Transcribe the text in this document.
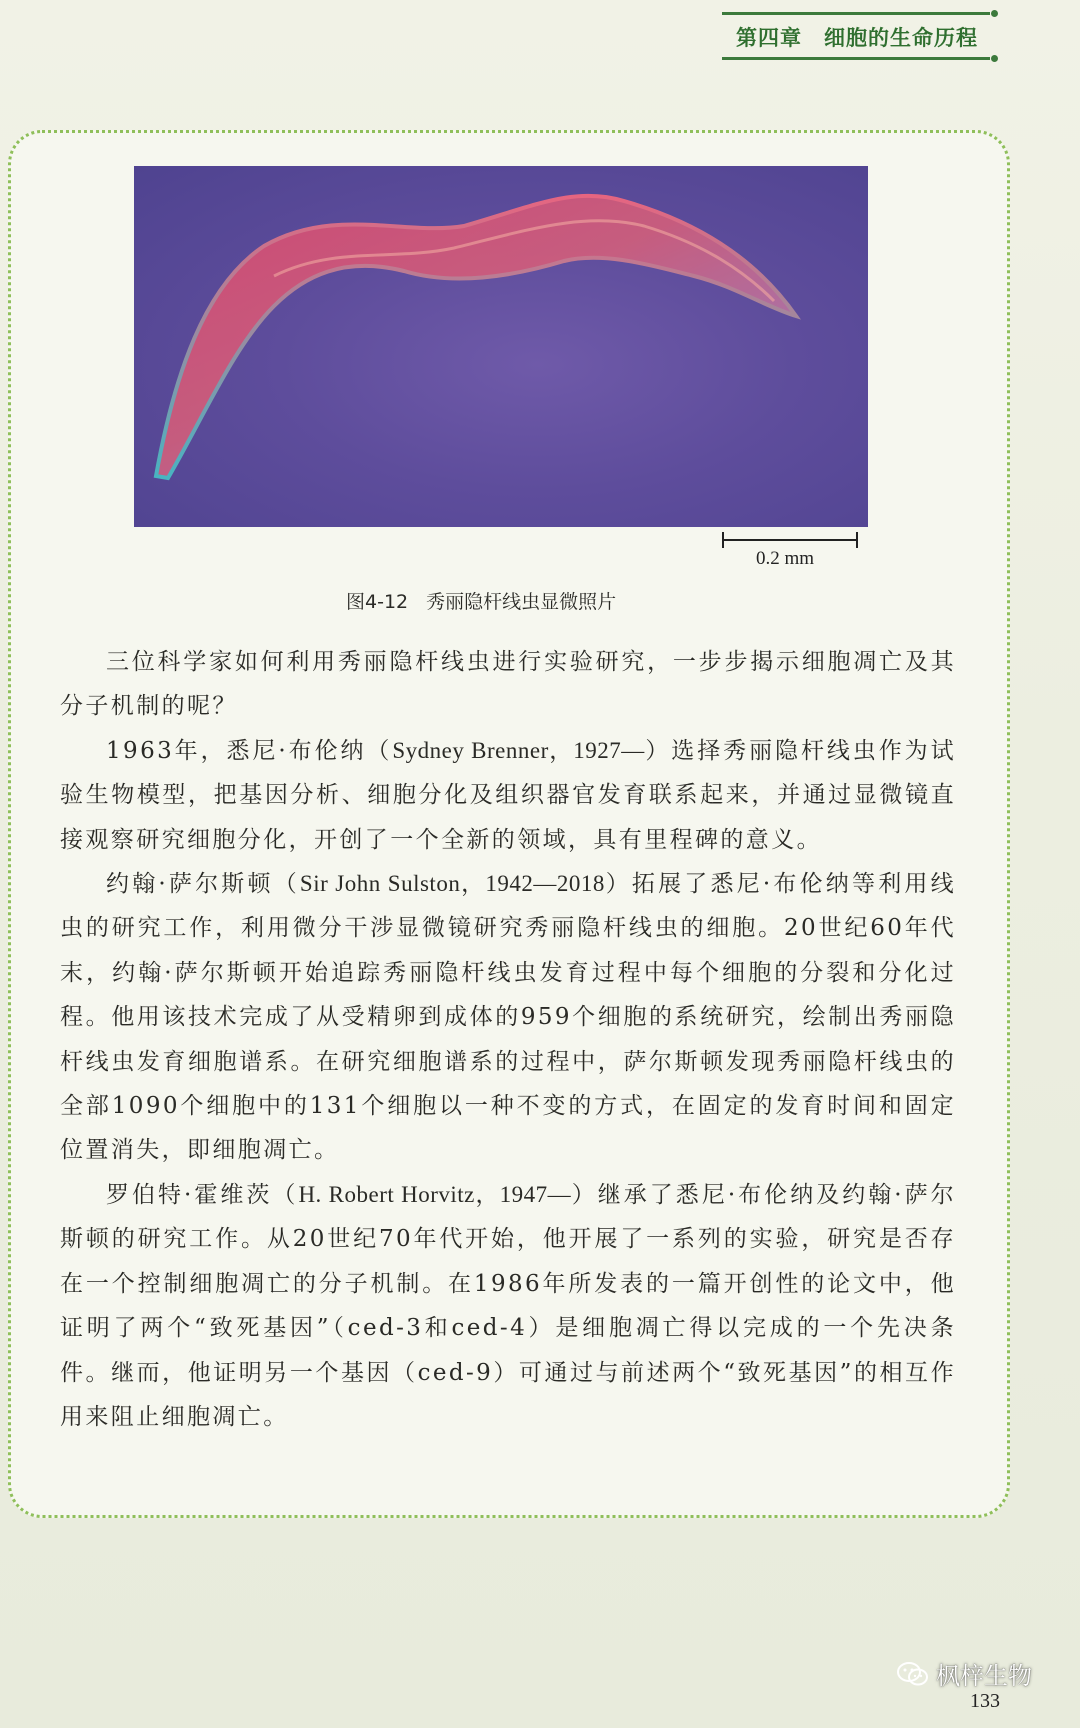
第四章 细胞的生命历程
0.2 mm
图4-12 秀丽隐杆线虫显微照片

三位科学家如何利用秀丽隐杆线虫进行实验研究，一步步揭示细胞凋亡及其分子机制的呢？

1963年，悉尼·布伦纳（Sydney Brenner，1927—）选择秀丽隐杆线虫作为试验生物模型，把基因分析、细胞分化及组织器官发育联系起来，并通过显微镜直接观察研究细胞分化，开创了一个全新的领域，具有里程碑的意义。

约翰·萨尔斯顿（Sir John Sulston，1942—2018）拓展了悉尼·布伦纳等利用线虫的研究工作，利用微分干涉显微镜研究秀丽隐杆线虫的细胞。20世纪60年代末，约翰·萨尔斯顿开始追踪秀丽隐杆线虫发育过程中每个细胞的分裂和分化过程。他用该技术完成了从受精卵到成体的959个细胞的系统研究，绘制出秀丽隐杆线虫发育细胞谱系。在研究细胞谱系的过程中，萨尔斯顿发现秀丽隐杆线虫的全部1090个细胞中的131个细胞以一种不变的方式，在固定的发育时间和固定位置消失，即细胞凋亡。

罗伯特·霍维茨（H. Robert Horvitz，1947—）继承了悉尼·布伦纳及约翰·萨尔斯顿的研究工作。从20世纪70年代开始，他开展了一系列的实验，研究是否存在一个控制细胞凋亡的分子机制。在1986年所发表的一篇开创性的论文中，他证明了两个“致死基因”（ced-3和ced-4）是细胞凋亡得以完成的一个先决条件。继而，他证明另一个基因（ced-9）可通过与前述两个“致死基因”的相互作用来阻止细胞凋亡。

枫梓生物
133
